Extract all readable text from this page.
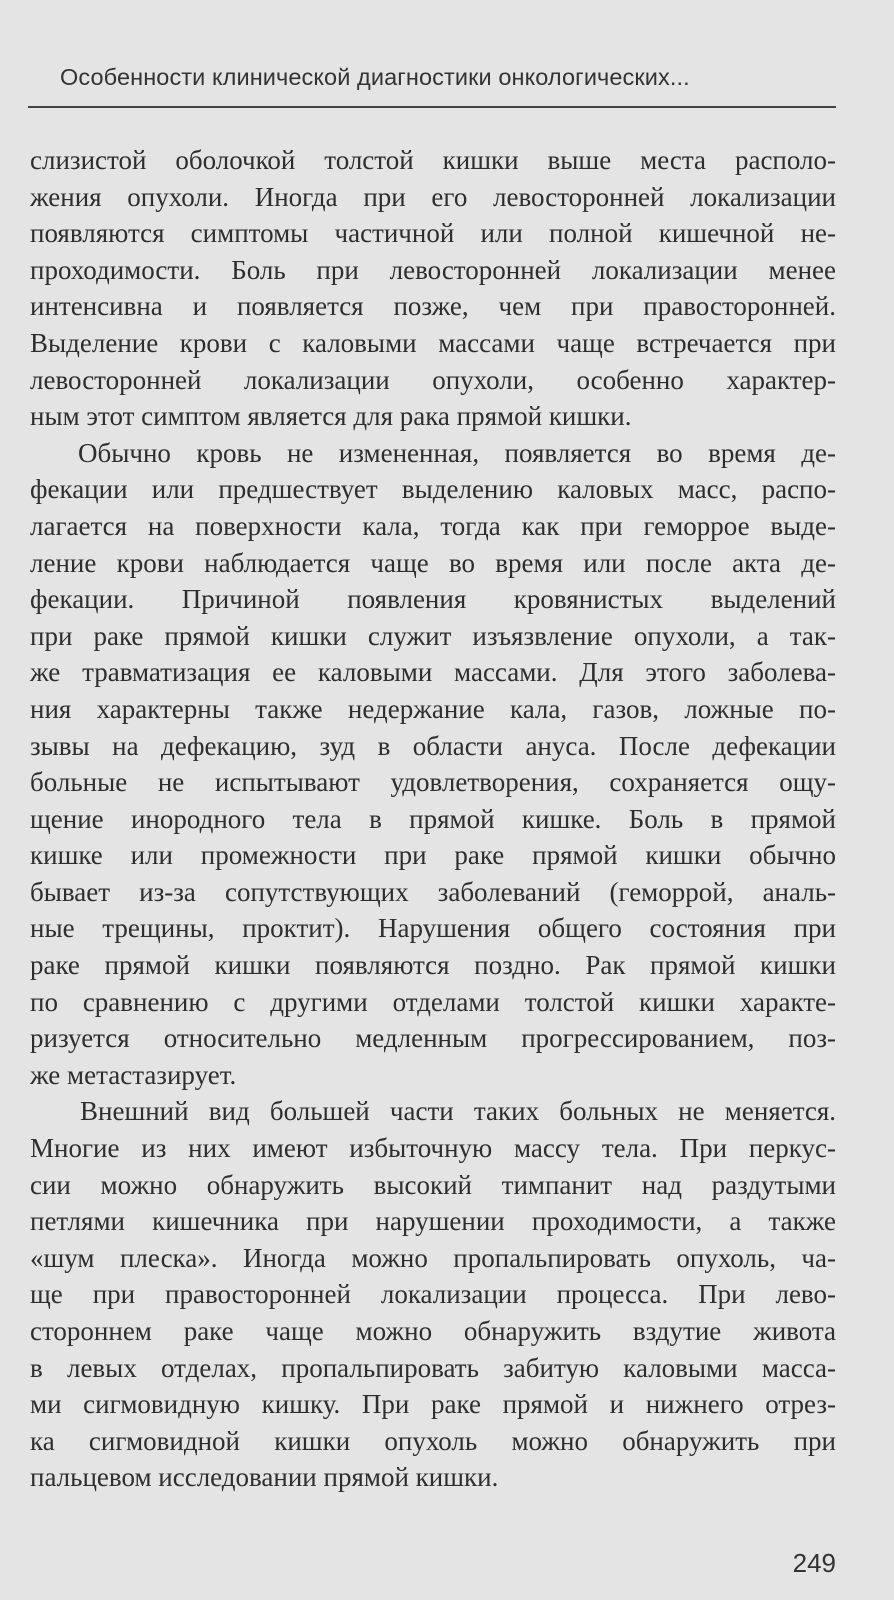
Особенности клинической диагностики онкологических...
слизистой оболочкой толстой кишки выше места располо-
жения опухоли. Иногда при его левосторонней локализации
появляются симптомы частичной или полной кишечной не-
проходимости. Боль при левосторонней локализации менее
интенсивна и появляется позже, чем при правосторонней.
Выделение крови с каловыми массами чаще встречается при
левосторонней локализации опухоли, особенно характер-
ным этот симптом является для рака прямой кишки.
Обычно кровь не измененная, появляется во время де-
фекации или предшествует выделению каловых масс, распо-
лагается на поверхности кала, тогда как при геморрое выде-
ление крови наблюдается чаще во время или после акта де-
фекации. Причиной появления кровянистых выделений
при раке прямой кишки служит изъязвление опухоли, а так-
же травматизация ее каловыми массами. Для этого заболева-
ния характерны также недержание кала, газов, ложные по-
зывы на дефекацию, зуд в области ануса. После дефекации
больные не испытывают удовлетворения, сохраняется ощу-
щение инородного тела в прямой кишке. Боль в прямой
кишке или промежности при раке прямой кишки обычно
бывает из-за сопутствующих заболеваний (геморрой, аналь-
ные трещины, проктит). Нарушения общего состояния при
раке прямой кишки появляются поздно. Рак прямой кишки
по сравнению с другими отделами толстой кишки характе-
ризуется относительно медленным прогрессированием, поз-
же метастазирует.
Внешний вид большей части таких больных не меняется.
Многие из них имеют избыточную массу тела. При перкус-
сии можно обнаружить высокий тимпанит над раздутыми
петлями кишечника при нарушении проходимости, а также
«шум плеска». Иногда можно пропальпировать опухоль, ча-
ще при правосторонней локализации процесса. При лево-
стороннем раке чаще можно обнаружить вздутие живота
в левых отделах, пропальпировать забитую каловыми масса-
ми сигмовидную кишку. При раке прямой и нижнего отрез-
ка сигмовидной кишки опухоль можно обнаружить при
пальцевом исследовании прямой кишки.
249
